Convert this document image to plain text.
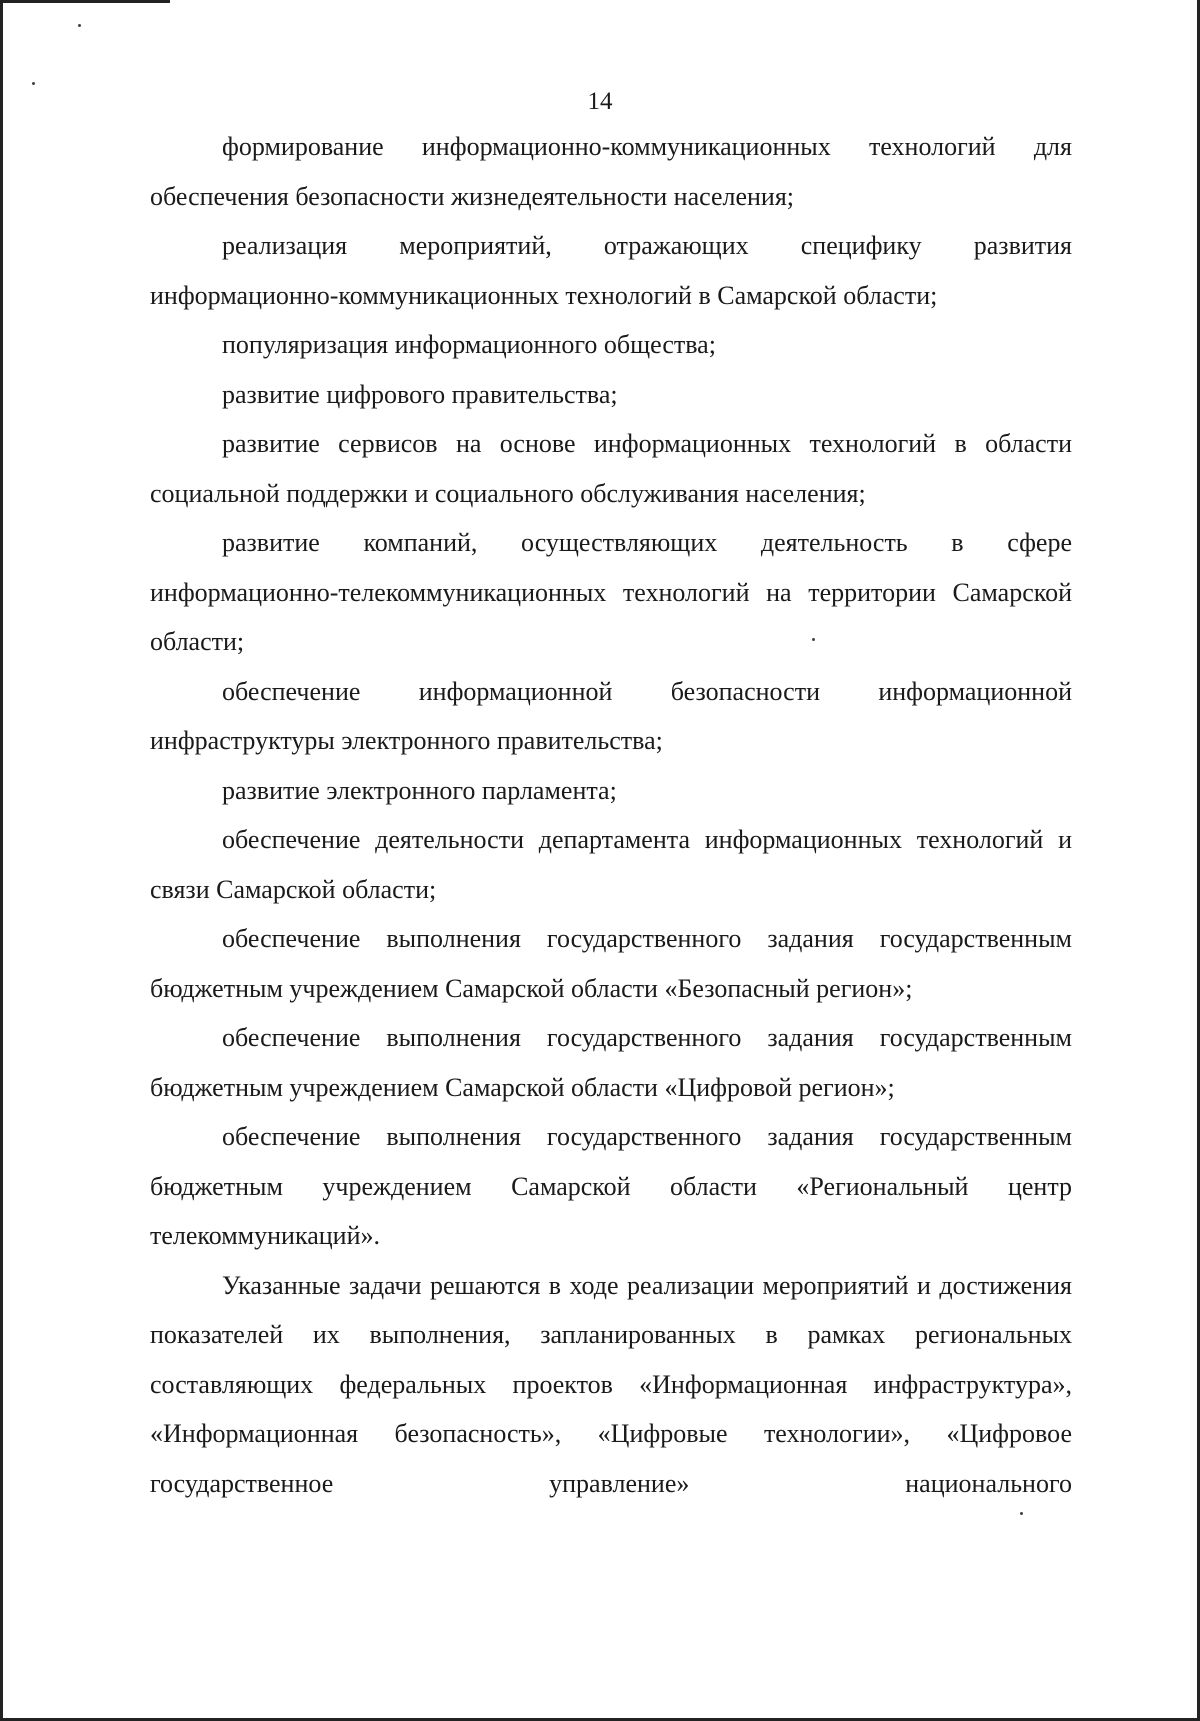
14

формирование информационно-коммуникационных технологий для обеспечения безопасности жизнедеятельности населения;

реализация мероприятий, отражающих специфику развития информационно-коммуникационных технологий в Самарской области;

популяризация информационного общества;

развитие цифрового правительства;

развитие сервисов на основе информационных технологий в области социальной поддержки и социального обслуживания населения;

развитие компаний, осуществляющих деятельность в сфере информационно-телекоммуникационных технологий на территории Самарской области;

обеспечение информационной безопасности информационной инфраструктуры электронного правительства;

развитие электронного парламента;

обеспечение деятельности департамента информационных технологий и связи Самарской области;

обеспечение выполнения государственного задания государственным бюджетным учреждением Самарской области «Безопасный регион»;

обеспечение выполнения государственного задания государственным бюджетным учреждением Самарской области «Цифровой регион»;

обеспечение выполнения государственного задания государственным бюджетным учреждением Самарской области «Региональный центр телекоммуникаций».

Указанные задачи решаются в ходе реализации мероприятий и достижения показателей их выполнения, запланированных в рамках региональных составляющих федеральных проектов «Информационная инфраструктура», «Информационная безопасность», «Цифровые технологии», «Цифровое государственное управление» национального
